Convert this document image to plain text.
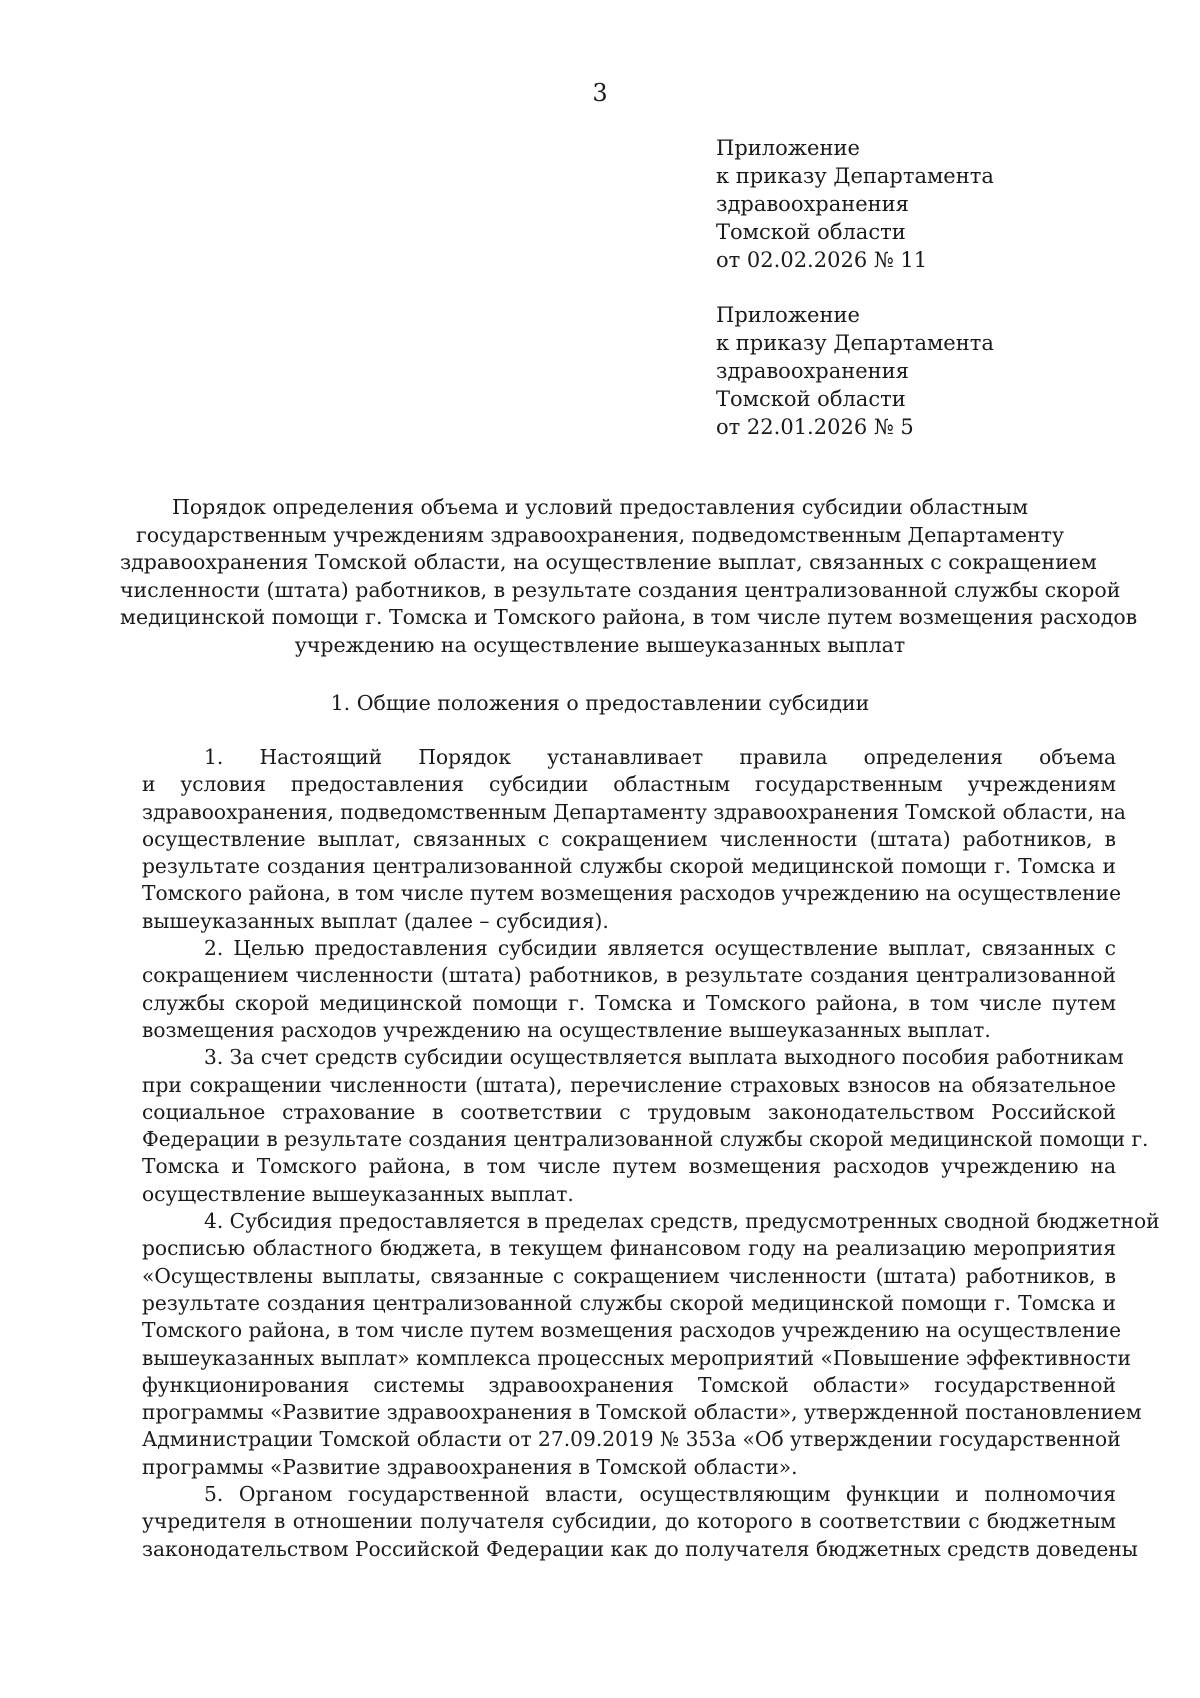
3
Приложение
к приказу Департамента
здравоохранения
Томской области
от 02.02.2026 № 11
Приложение
к приказу Департамента
здравоохранения
Томской области
от 22.01.2026 № 5
Порядок определения объема и условий предоставления субсидии областным
государственным учреждениям здравоохранения, подведомственным Департаменту
здравоохранения Томской области, на осуществление выплат, связанных с сокращением
численности (штата) работников, в результате создания централизованной службы скорой
медицинской помощи г. Томска и Томского района, в том числе путем возмещения расходов
учреждению на осуществление вышеуказанных выплат
1. Общие положения о предоставлении субсидии
1. Настоящий Порядок устанавливает правила определения объема
и условия предоставления субсидии областным государственным учреждениям
здравоохранения, подведомственным Департаменту здравоохранения Томской области, на
осуществление выплат, связанных с сокращением численности (штата) работников, в
результате создания централизованной службы скорой медицинской помощи г. Томска и
Томского района, в том числе путем возмещения расходов учреждению на осуществление
вышеуказанных выплат (далее – субсидия).
2. Целью предоставления субсидии является осуществление выплат, связанных с
сокращением численности (штата) работников, в результате создания централизованной
службы скорой медицинской помощи г. Томска и Томского района, в том числе путем
возмещения расходов учреждению на осуществление вышеуказанных выплат.
3. За счет средств субсидии осуществляется выплата выходного пособия работникам
при сокращении численности (штата), перечисление страховых взносов на обязательное
социальное страхование в соответствии с трудовым законодательством Российской
Федерации в результате создания централизованной службы скорой медицинской помощи г.
Томска и Томского района, в том числе путем возмещения расходов учреждению на
осуществление вышеуказанных выплат.
4. Субсидия предоставляется в пределах средств, предусмотренных сводной бюджетной
росписью областного бюджета, в текущем финансовом году на реализацию мероприятия
«Осуществлены выплаты, связанные с сокращением численности (штата) работников, в
результате создания централизованной службы скорой медицинской помощи г. Томска и
Томского района, в том числе путем возмещения расходов учреждению на осуществление
вышеуказанных выплат» комплекса процессных мероприятий «Повышение эффективности
функционирования системы здравоохранения Томской области» государственной
программы «Развитие здравоохранения в Томской области», утвержденной постановлением
Администрации Томской области от 27.09.2019 № 353а «Об утверждении государственной
программы «Развитие здравоохранения в Томской области».
5. Органом государственной власти, осуществляющим функции и полномочия
учредителя в отношении получателя субсидии, до которого в соответствии с бюджетным
законодательством Российской Федерации как до получателя бюджетных средств доведены
